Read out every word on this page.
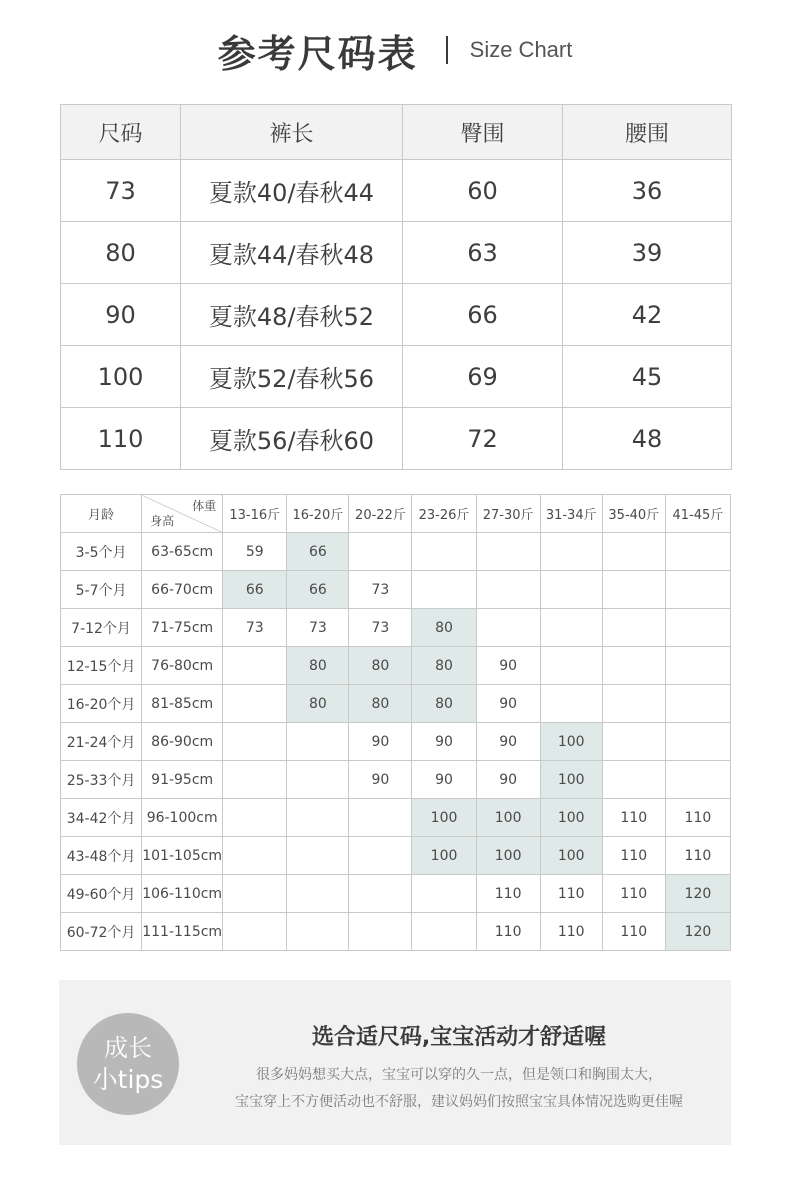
参考尺码表 Size Chart
尺码	裤长	臀围	腰围
73	夏款40/春秋44	60	36
80	夏款44/春秋48	63	39
90	夏款48/春秋52	66	42
100	夏款52/春秋56	69	45
110	夏款56/春秋60	72	48
月龄	体重
身高	13-16斤	16-20斤	20-22斤	23-26斤	27-30斤	31-34斤	35-40斤	41-45斤
3-5个月	63-65cm	59	66						
5-7个月	66-70cm	66	66	73					
7-12个月	71-75cm	73	73	73	80				
12-15个月	76-80cm		80	80	80	90			
16-20个月	81-85cm		80	80	80	90			
21-24个月	86-90cm			90	90	90	100		
25-33个月	91-95cm			90	90	90	100		
34-42个月	96-100cm				100	100	100	110	110
43-48个月	101-105cm				100	100	100	110	110
49-60个月	106-110cm					110	110	110	120
60-72个月	111-115cm					110	110	110	120
成长
小tips
选合适尺码,宝宝活动才舒适喔
很多妈妈想买大点，宝宝可以穿的久一点，但是领口和胸围太大，
宝宝穿上不方便活动也不舒服，建议妈妈们按照宝宝具体情况选购更佳喔
